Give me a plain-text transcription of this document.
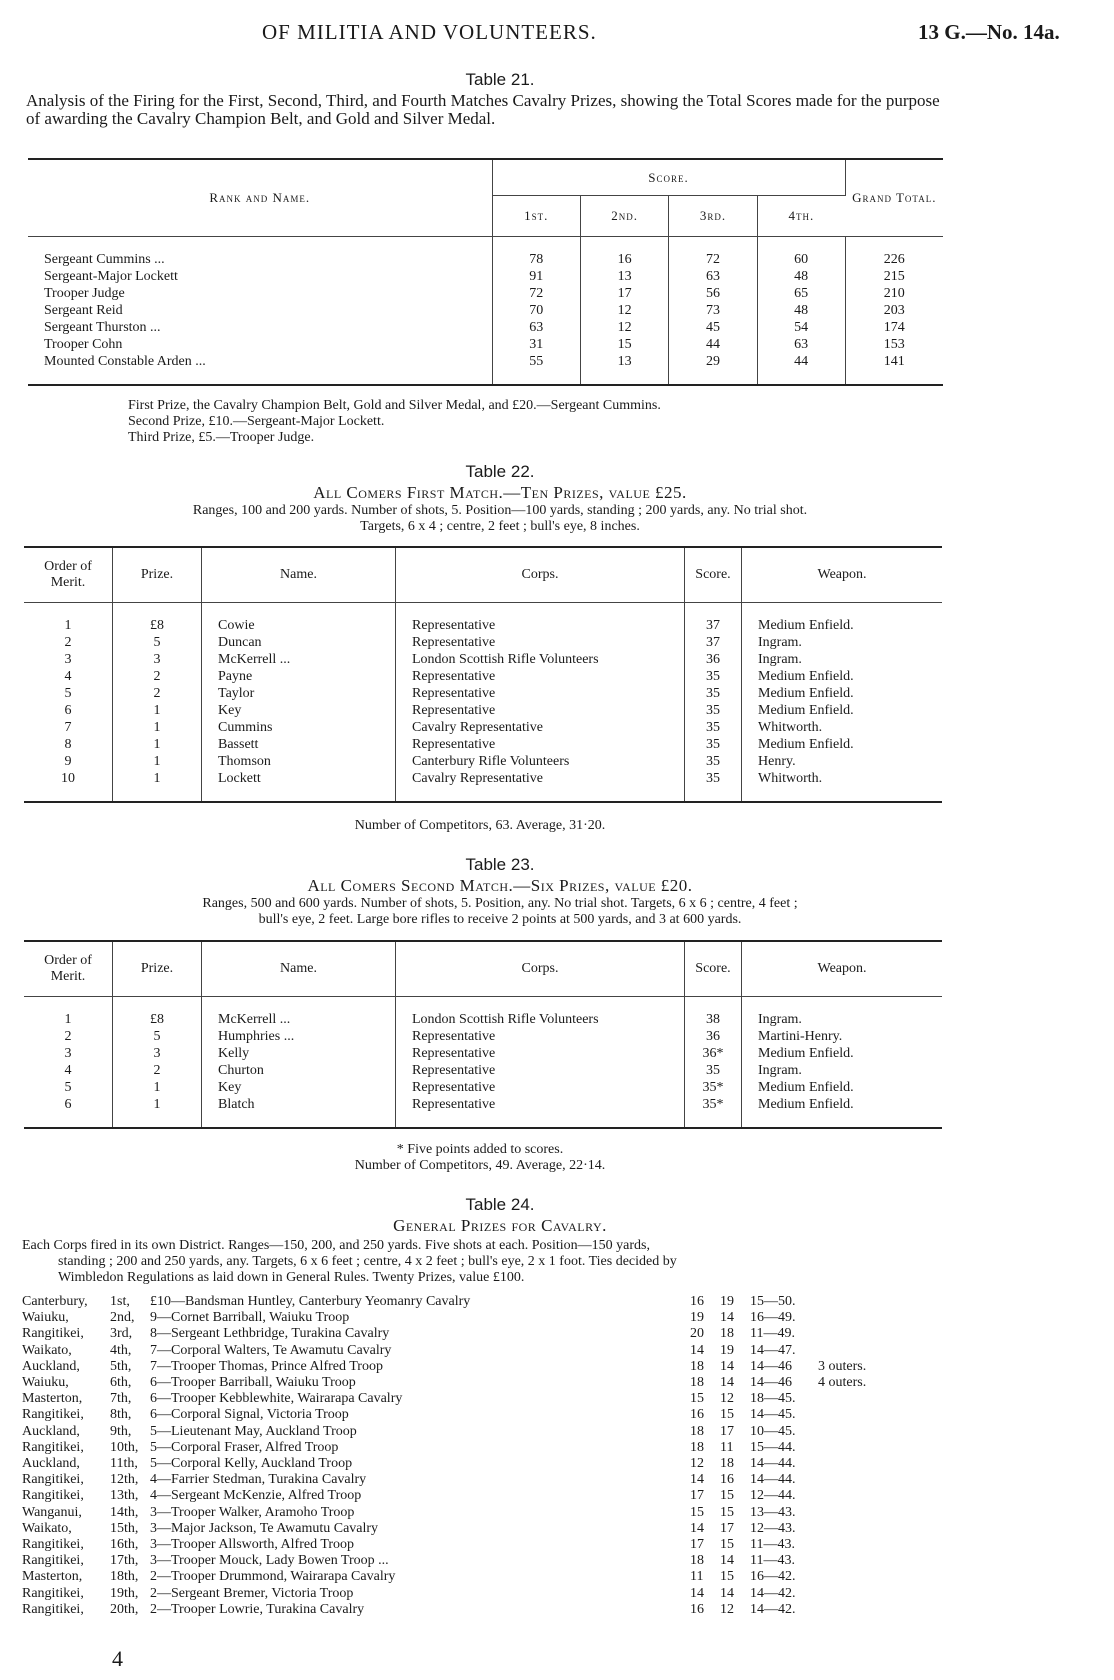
OF MILITIA AND VOLUNTEERS.	13 G.—No. 14a.
Table 21.
Analysis of the Firing for the First, Second, Third, and Fourth Matches Cavalry Prizes, showing the Total Scores made for the purpose of awarding the Cavalry Champion Belt, and Gold and Silver Medal.
Rank and Name.	Score.				Grand Total.
	1st.	2nd.	3rd.	4th.	

Sergeant Cummins ...	78	16	72	60	226
Sergeant-Major Lockett	91	13	63	48	215
Trooper Judge	72	17	56	65	210
Sergeant Reid	70	12	73	48	203
Sergeant Thurston ...	63	12	45	54	174
Trooper Cohn	31	15	44	63	153
Mounted Constable Arden ...	55	13	29	44	141

First Prize, the Cavalry Champion Belt, Gold and Silver Medal, and £20.—Sergeant Cummins.
Second Prize, £10.—Sergeant-Major Lockett.
Third Prize, £5.—Trooper Judge.
Table 22.
All Comers First Match.—Ten Prizes, value £25.
Ranges, 100 and 200 yards. Number of shots, 5. Position—100 yards, standing ; 200 yards, any. No trial shot.
Targets, 6 x 4 ; centre, 2 feet ; bull's eye, 8 inches.
Order of Merit.	Prize.	Name.	Corps.	Score.	Weapon.

1	£8	Cowie	Representative	37	Medium Enfield.
2	5	Duncan	Representative	37	Ingram.
3	3	McKerrell ...	London Scottish Rifle Volunteers	36	Ingram.
4	2	Payne	Representative	35	Medium Enfield.
5	2	Taylor	Representative	35	Medium Enfield.
6	1	Key	Representative	35	Medium Enfield.
7	1	Cummins	Cavalry Representative	35	Whitworth.
8	1	Bassett	Representative	35	Medium Enfield.
9	1	Thomson	Canterbury Rifle Volunteers	35	Henry.
10	1	Lockett	Cavalry Representative	35	Whitworth.

Number of Competitors, 63. Average, 31·20.
Table 23.
All Comers Second Match.—Six Prizes, value £20.
Ranges, 500 and 600 yards. Number of shots, 5. Position, any. No trial shot. Targets, 6 x 6 ; centre, 4 feet ;
bull's eye, 2 feet. Large bore rifles to receive 2 points at 500 yards, and 3 at 600 yards.
Order of Merit.	Prize.	Name.	Corps.	Score.	Weapon.

1	£8	McKerrell ...	London Scottish Rifle Volunteers	38	Ingram.
2	5	Humphries ...	Representative	36	Martini-Henry.
3	3	Kelly	Representative	36*	Medium Enfield.
4	2	Churton	Representative	35	Ingram.
5	1	Key	Representative	35*	Medium Enfield.
6	1	Blatch	Representative	35*	Medium Enfield.

* Five points added to scores.
Number of Competitors, 49. Average, 22·14.
Table 24.
General Prizes for Cavalry.
Each Corps fired in its own District. Ranges—150, 200, and 250 yards. Five shots at each. Position—150 yards,
standing ; 200 and 250 yards, any. Targets, 6 x 6 feet ; centre, 4 x 2 feet ; bull's eye, 2 x 1 foot. Ties decided by
Wimbledon Regulations as laid down in General Rules. Twenty Prizes, value £100.
Canterbury, 1st, £10—Bandsman Huntley, Canterbury Yeomanry Cavalry	16 19 15—50.
Waiuku,	2nd, 9—Cornet Barriball, Waiuku Troop	19 14 16—49.
Rangitikei, 3rd, 8—Sergeant Lethbridge, Turakina Cavalry	20 18 11—49.
Waikato,	4th, 7—Corporal Walters, Te Awamutu Cavalry	14 19 14—47.
Auckland, 5th, 7—Trooper Thomas, Prince Alfred Troop	18 14 14—46 3 outers.
Waiuku,	6th, 6—Trooper Barriball, Waiuku Troop	18 14 14—46 4 outers.
Masterton, 7th, 6—Trooper Kebblewhite, Wairarapa Cavalry	15 12 18—45.
Rangitikei, 8th, 6—Corporal Signal, Victoria Troop	16 15 14—45.
Auckland, 9th, 5—Lieutenant May, Auckland Troop	18 17 10—45.
Rangitikei, 10th, 5—Corporal Fraser, Alfred Troop	18 11 15—44.
Auckland, 11th, 5—Corporal Kelly, Auckland Troop	12 18 14—44.
Rangitikei, 12th, 4—Farrier Stedman, Turakina Cavalry	14 16 14—44.
Rangitikei, 13th, 4—Sergeant McKenzie, Alfred Troop	17 15 12—44.
Wanganui, 14th, 3—Trooper Walker, Aramoho Troop	15 15 13—43.
Waikato,	15th, 3—Major Jackson, Te Awamutu Cavalry	14 17 12—43.
Rangitikei, 16th, 3—Trooper Allsworth, Alfred Troop	17 15 11—43.
Rangitikei, 17th, 3—Trooper Mouck, Lady Bowen Troop ...	18 14 11—43.
Masterton, 18th, 2—Trooper Drummond, Wairarapa Cavalry	11 15 16—42.
Rangitikei, 19th, 2—Sergeant Bremer, Victoria Troop	14 14 14—42.
Rangitikei, 20th, 2—Trooper Lowrie, Turakina Cavalry	16 12 14—42.
4
